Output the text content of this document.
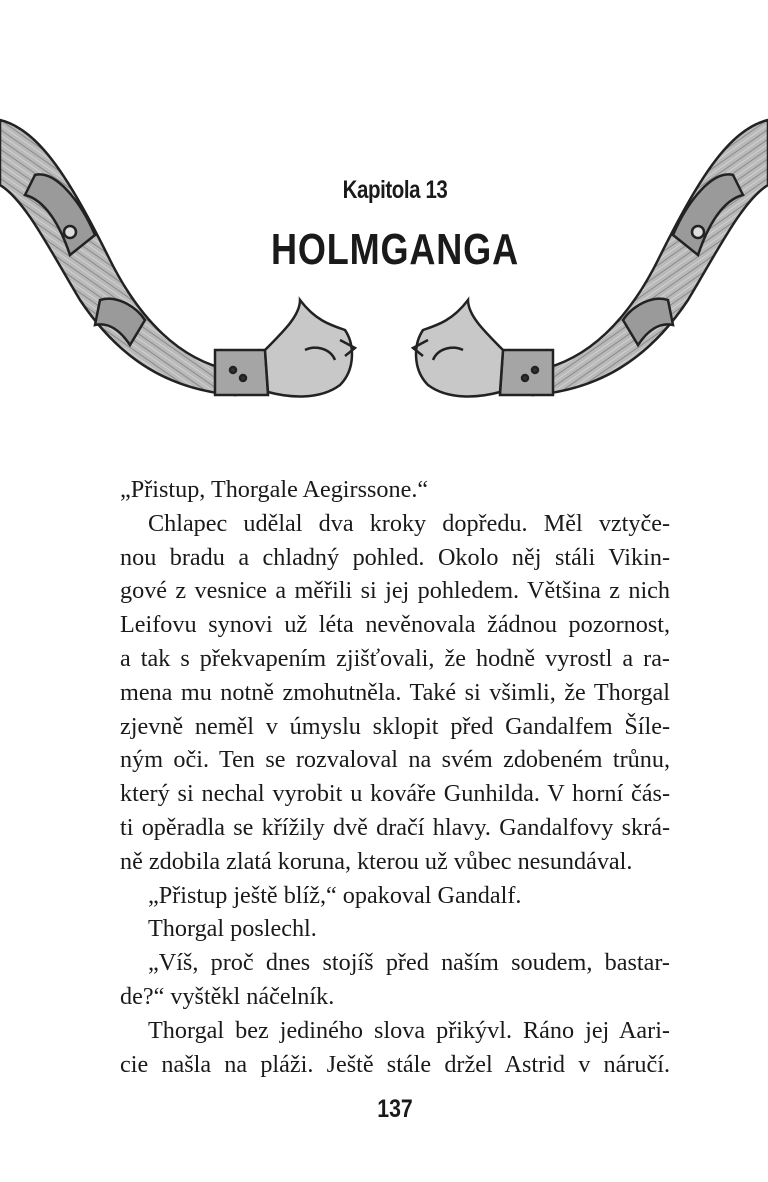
Kapitola 13
HOLMGANGA
„Přistup, Thorgale Aegirssone.“
Chlapec udělal dva kroky dopředu. Měl vztyče-
nou bradu a chladný pohled. Okolo něj stáli Vikin-
gové z vesnice a měřili si jej pohledem. Většina z nich
Leifovu synovi už léta nevěnovala žádnou pozornost,
a tak s překvapením zjišťovali, že hodně vyrostl a ra-
mena mu notně zmohutněla. Také si všimli, že Thorgal
zjevně neměl v úmyslu sklopit před Gandalfem Šíle-
ným oči. Ten se rozvaloval na svém zdobeném trůnu,
který si nechal vyrobit u kováře Gunhilda. V horní čás-
ti opěradla se křížily dvě dračí hlavy. Gandalfovy skrá-
ně zdobila zlatá koruna, kterou už vůbec nesundával.
„Přistup ještě blíž,“ opakoval Gandalf.
Thorgal poslechl.
„Víš, proč dnes stojíš před naším soudem, bastar-
de?“ vyštěkl náčelník.
Thorgal bez jediného slova přikývl. Ráno jej Aari-
cie našla na pláži. Ještě stále držel Astrid v náručí.
137
